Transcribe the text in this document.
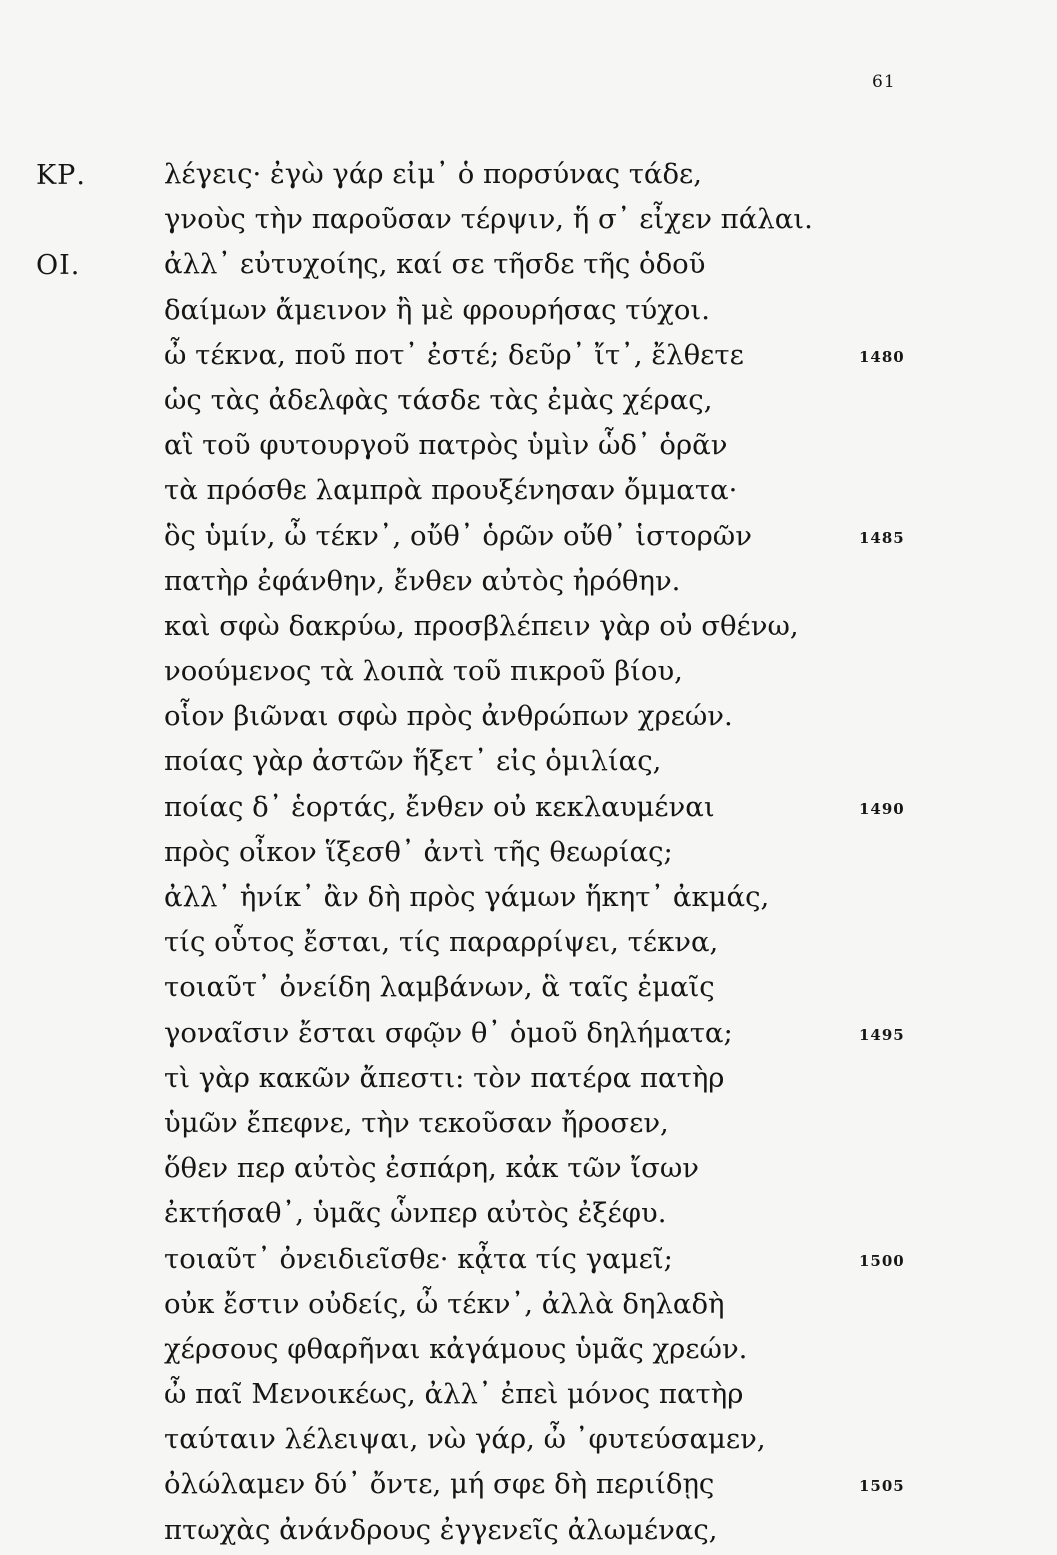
61
ΚΡ.	λέγεις· ἐγὼ γάρ εἰμ᾽ ὁ πορσύνας τάδε,
γνοὺς τὴν παροῦσαν τέρψιν, ἥ σ᾽ εἶχεν πάλαι.
ΟΙ.	ἀλλ᾽ εὐτυχοίης, καί σε τῆσδε τῆς ὁδοῦ
δαίμων ἄμεινον ἢ μὲ φρουρήσας τύχοι.
ὦ τέκνα, ποῦ ποτ᾽ ἐστέ; δεῦρ᾽ ἴτ᾽, ἔλθετε	1480
ὡς τὰς ἀδελφὰς τάσδε τὰς ἐμὰς χέρας,
αἳ τοῦ φυτουργοῦ πατρὸς ὑμὶν ὧδ᾽ ὁρᾶν
τὰ πρόσθε λαμπρὰ προυξένησαν ὄμματα·
ὃς ὑμίν, ὦ τέκν᾽, οὔθ᾽ ὁρῶν οὔθ᾽ ἱστορῶν	1485
πατὴρ ἐφάνθην, ἔνθεν αὐτὸς ἠρόθην.
καὶ σφὼ δακρύω, προσβλέπειν γὰρ οὐ σθένω,
νοούμενος τὰ λοιπὰ τοῦ πικροῦ βίου,
οἷον βιῶναι σφὼ πρὸς ἀνθρώπων χρεών.
ποίας γὰρ ἀστῶν ἥξετ᾽ εἰς ὁμιλίας,
ποίας δ᾽ ἑορτάς, ἔνθεν οὐ κεκλαυμέναι	1490
πρὸς οἶκον ἵξεσθ᾽ ἀντὶ τῆς θεωρίας;
ἀλλ᾽ ἡνίκ᾽ ἂν δὴ πρὸς γάμων ἥκητ᾽ ἀκμάς,
τίς οὗτος ἔσται, τίς παραρρίψει, τέκνα,
τοιαῦτ᾽ ὀνείδη λαμβάνων, ἃ ταῖς ἐμαῖς
γοναῖσιν ἔσται σφῷν θ᾽ ὁμοῦ δηλήματα;	1495
τὶ γὰρ κακῶν ἄπεστι: τὸν πατέρα πατὴρ
ὑμῶν ἔπεφνε, τὴν τεκοῦσαν ἤροσεν,
ὅθεν περ αὐτὸς ἐσπάρη, κἀκ τῶν ἴσων
ἐκτήσαθ᾽, ὑμᾶς ὧνπερ αὐτὸς ἐξέφυ.
τοιαῦτ᾽ ὀνειδιεῖσθε· κᾆτα τίς γαμεῖ;	1500
οὐκ ἔστιν οὐδείς, ὦ τέκν᾽, ἀλλὰ δηλαδὴ
χέρσους φθαρῆναι κἀγάμους ὑμᾶς χρεών.
ὦ παῖ Μενοικέως, ἀλλ᾽ ἐπεὶ μόνος πατὴρ
ταύταιν λέλειψαι, νὼ γάρ, ὦ ᾽φυτεύσαμεν,
ὀλώλαμεν δύ᾽ ὄντε, μή σφε δὴ περιίδῃς	1505
πτωχὰς ἀνάνδρους ἐγγενεῖς ἀλωμένας,
